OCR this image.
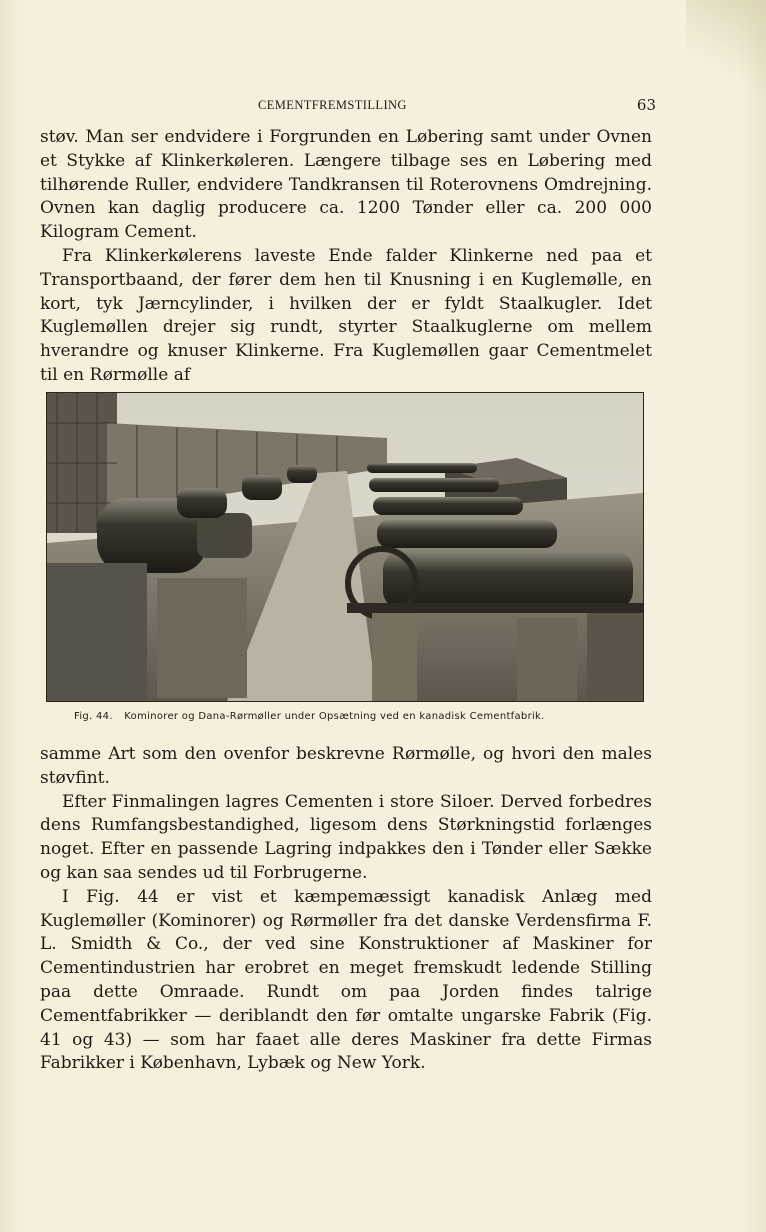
CEMENTFREMSTILLING	63

støv. Man ser endvidere i Forgrunden en Løbering samt under Ovnen et Stykke af Klinkerkøleren. Længere tilbage ses en Løbering med tilhørende Ruller, endvidere Tandkransen til Roterovnens Omdrejning. Ovnen kan daglig producere ca. 1200 Tønder eller ca. 200 000 Kilogram Cement.

Fra Klinkerkølerens laveste Ende falder Klinkerne ned paa et Transportbaand, der fører dem hen til Knusning i en Kuglemølle, en kort, tyk Jærncylinder, i hvilken der er fyldt Staalkugler. Idet Kuglemøllen drejer sig rundt, styrter Staalkuglerne om mellem hverandre og knuser Klinkerne. Fra Kuglemøllen gaar Cementmelet til en Rørmølle af

Fig. 44. Kominorer og Dana-Rørmøller under Opsætning ved en kanadisk Cementfabrik.

samme Art som den ovenfor beskrevne Rørmølle, og hvori den males støvfint.

Efter Finmalingen lagres Cementen i store Siloer. Derved forbedres dens Rumfangsbestandighed, ligesom dens Størkningstid forlænges noget. Efter en passende Lagring indpakkes den i Tønder eller Sække og kan saa sendes ud til Forbrugerne.

I Fig. 44 er vist et kæmpemæssigt kanadisk Anlæg med Kuglemøller (Kominorer) og Rørmøller fra det danske Verdensfirma F. L. Smidth & Co., der ved sine Konstruktioner af Maskiner for Cementindustrien har erobret en meget fremskudt ledende Stilling paa dette Omraade. Rundt om paa Jorden findes talrige Cementfabrikker — deriblandt den før omtalte ungarske Fabrik (Fig. 41 og 43) — som har faaet alle deres Maskiner fra dette Firmas Fabrikker i København, Lybæk og New York.
